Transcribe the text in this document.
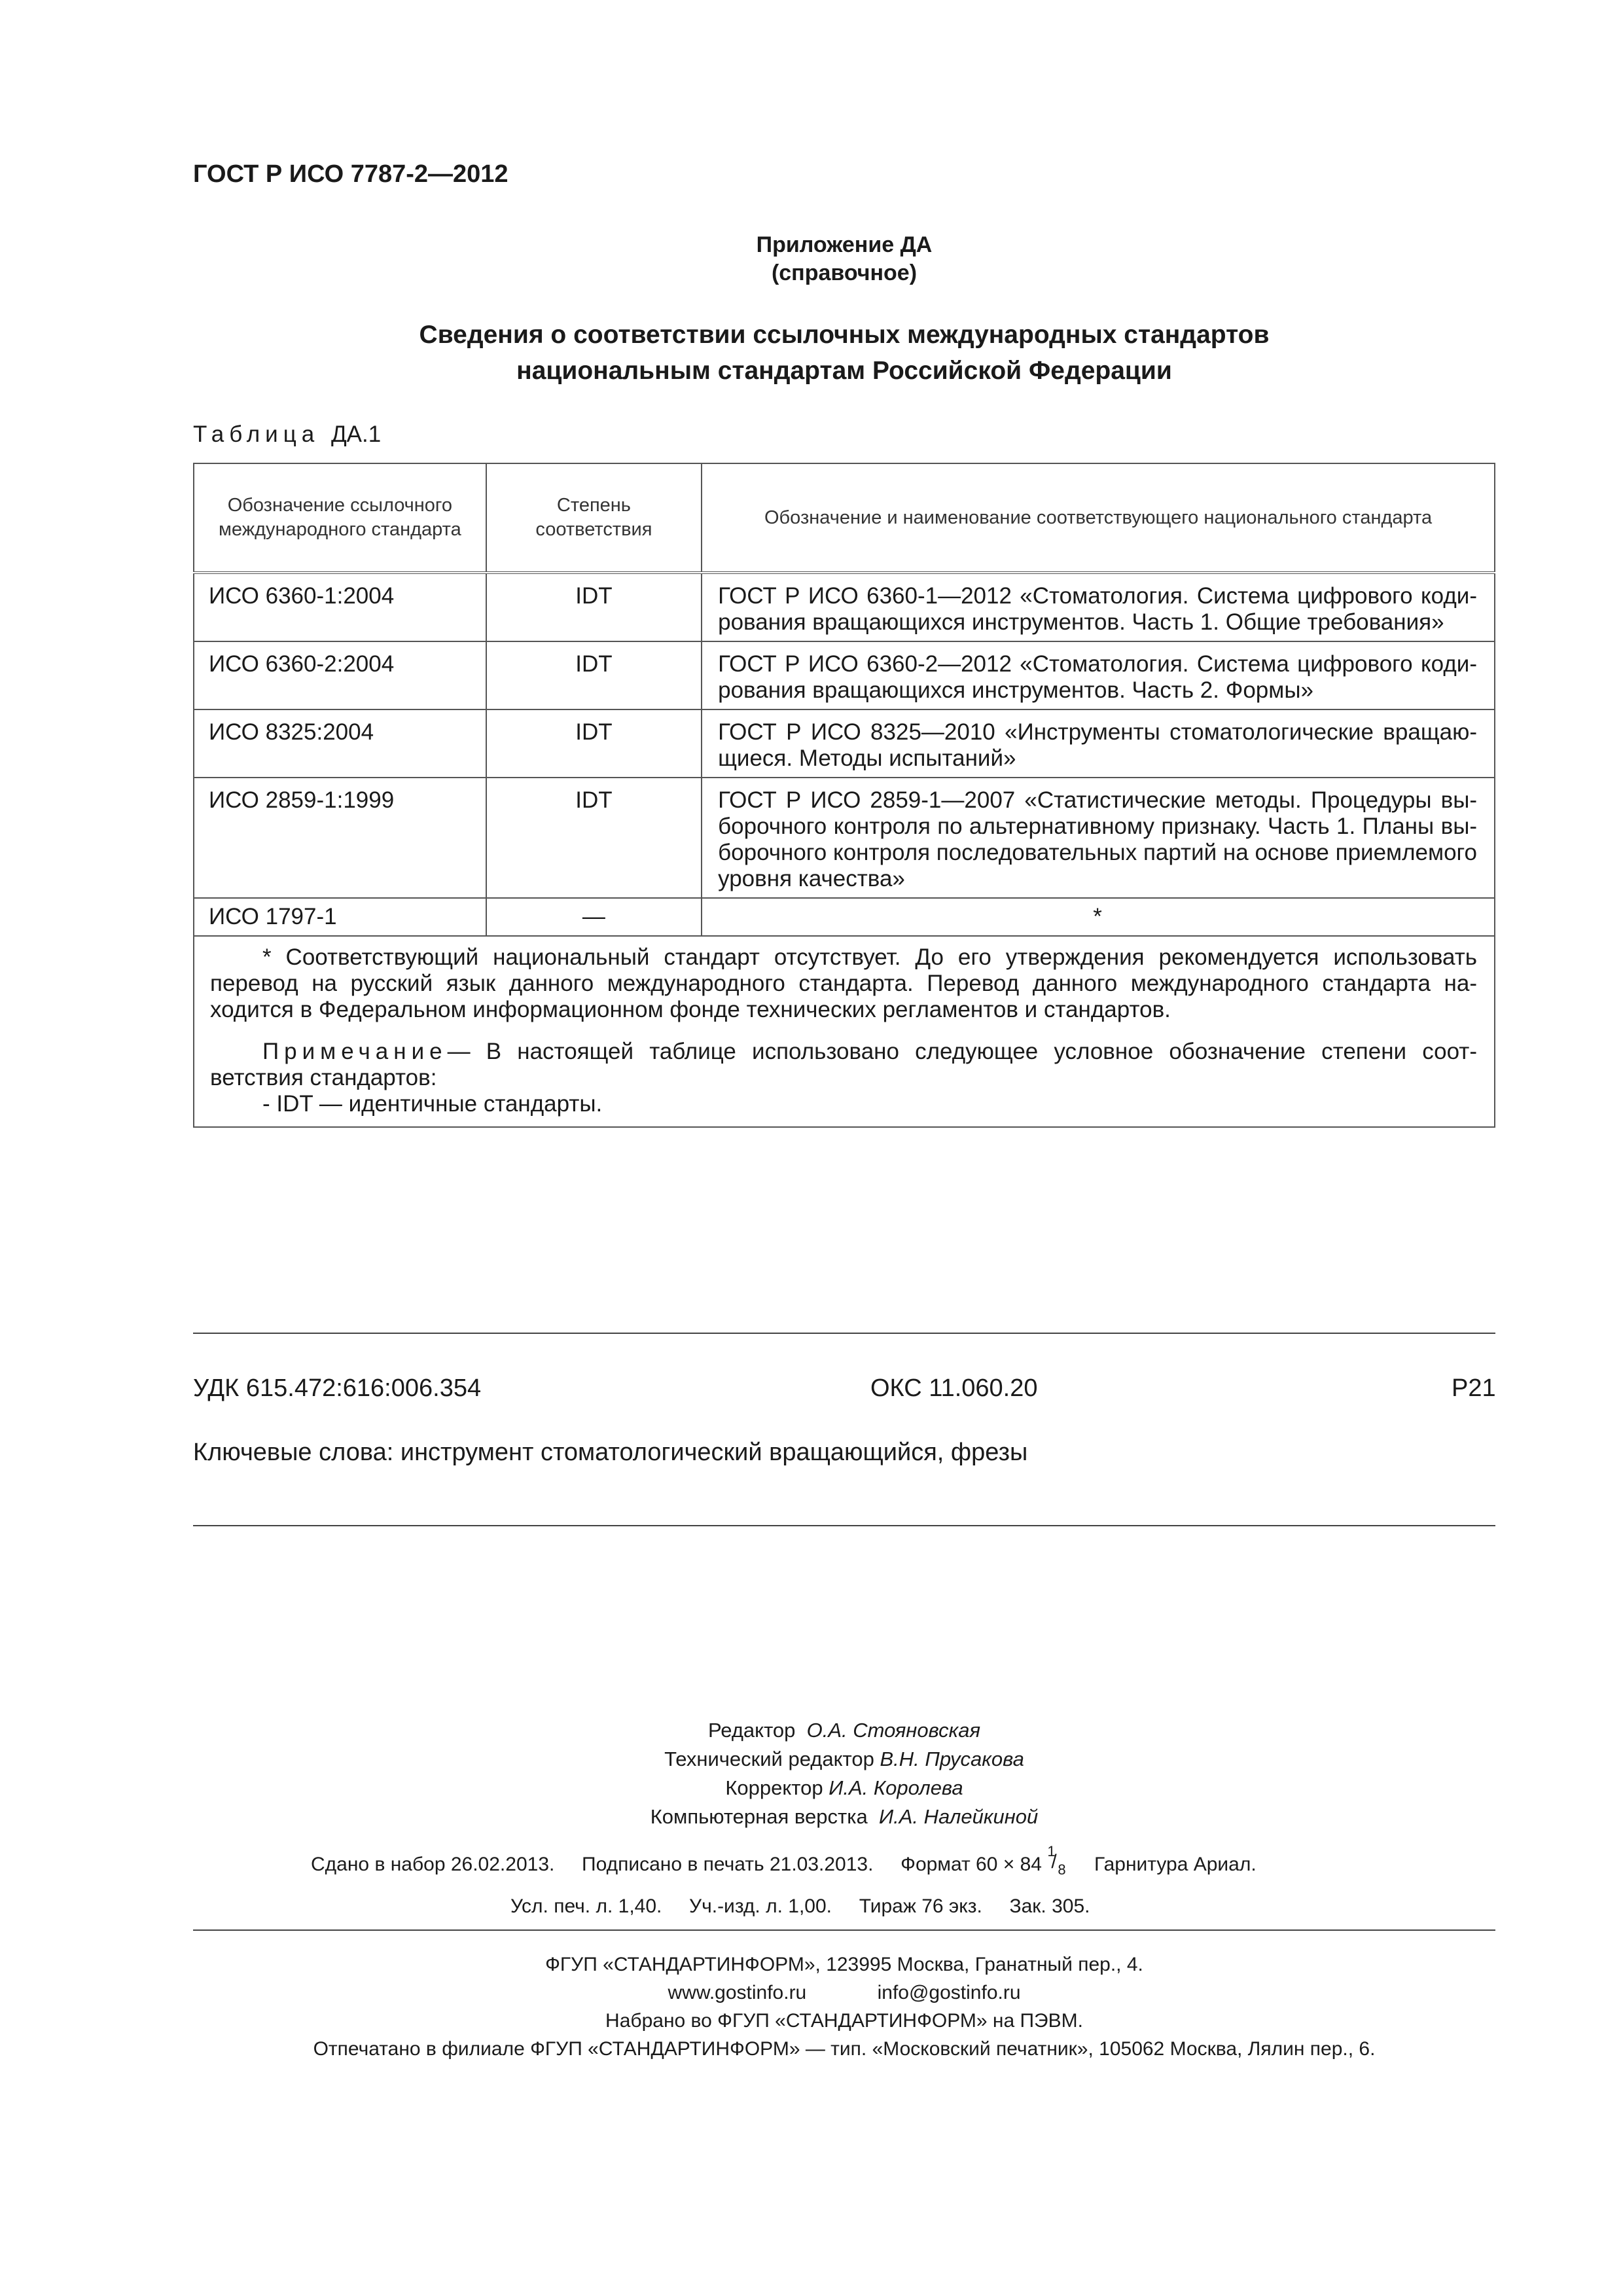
ГОСТ Р ИСО 7787-2—2012
Приложение ДА
(справочное)
Сведения о соответствии ссылочных международных стандартов
национальным стандартам Российской Федерации
Таблица ДА.1
Обозначение ссылочного международного стандарта	Степень соответствия	Обозначение и наименование соответствующего национального стандарта
ИСО 6360-1:2004	IDT	ГОСТ Р ИСО 6360-1—2012 «Стоматология. Система цифрового коди-рования вращающихся инструментов. Часть 1. Общие требования»
ИСО 6360-2:2004	IDT	ГОСТ Р ИСО 6360-2—2012 «Стоматология. Система цифрового коди-рования вращающихся инструментов. Часть 2. Формы»
ИСО 8325:2004	IDT	ГОСТ Р ИСО 8325—2010 «Инструменты стоматологические вращаю-щиеся. Методы испытаний»
ИСО 2859-1:1999	IDT	ГОСТ Р ИСО 2859-1—2007 «Статистические методы. Процедуры вы-борочного контроля по альтернативному признаку. Часть 1. Планы вы-борочного контроля последовательных партий на основе приемлемого уровня качества»
ИСО 1797-1	—	*

* Соответствующий национальный стандарт отсутствует. До его утверждения рекомендуется использовать перевод на русский язык данного международного стандарта. Перевод данного международного стандарта на-ходится в Федеральном информационном фонде технических регламентов и стандартов.

Примечание— В настоящей таблице использовано следующее условное обозначение степени соот-ветствия стандартов:

- IDT — идентичные стандарты.		
УДК 615.472:616:006.354	ОКС 11.060.20	Р21
Ключевые слова: инструмент стоматологический вращающийся, фрезы
Редактор О.А. Стояновская
Технический редактор В.Н. Прусакова
Корректор И.А. Королева
Компьютерная верстка И.А. Налейкиной
Сдано в набор 26.02.2013. Подписано в печать 21.03.2013. Формат 60 × 84
1
/ 8 Гарнитура Ариал.
Усл. печ. л. 1,40. Уч.-изд. л. 1,00. Тираж 76 экз. Зак. 305.
ФГУП «СТАНДАРТИНФОРМ», 123995 Москва, Гранатный пер., 4.
www.gostinfo.ru	info@gostinfo.ru
Набрано во ФГУП «СТАНДАРТИНФОРМ» на ПЭВМ.
Отпечатано в филиале ФГУП «СТАНДАРТИНФОРМ» — тип. «Московский печатник», 105062 Москва, Лялин пер., 6.
